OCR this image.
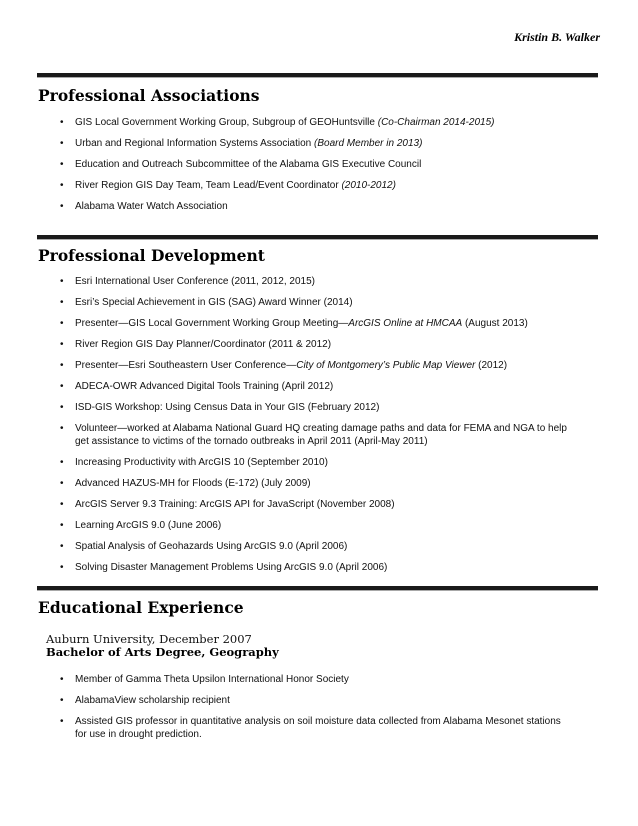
Kristin B. Walker
Professional Associations
• GIS Local Government Working Group, Subgroup of GEOHuntsville (Co-Chairman 2014-2015)
• Urban and Regional Information Systems Association (Board Member in 2013)
• Education and Outreach Subcommittee of the Alabama GIS Executive Council
• River Region GIS Day Team, Team Lead/Event Coordinator (2010-2012)
• Alabama Water Watch Association
Professional Development
• Esri International User Conference (2011, 2012, 2015)
• Esri’s Special Achievement in GIS (SAG) Award Winner (2014)
• Presenter—GIS Local Government Working Group Meeting—ArcGIS Online at HMCAA (August 2013)
• River Region GIS Day Planner/Coordinator (2011 & 2012)
• Presenter—Esri Southeastern User Conference—City of Montgomery’s Public Map Viewer (2012)
• ADECA-OWR Advanced Digital Tools Training (April 2012)
• ISD-GIS Workshop: Using Census Data in Your GIS (February 2012)
• Volunteer—worked at Alabama National Guard HQ creating damage paths and data for FEMA and NGA to help get assistance to victims of the tornado outbreaks in April 2011 (April-May 2011)
• Increasing Productivity with ArcGIS 10 (September 2010)
• Advanced HAZUS-MH for Floods (E-172) (July 2009)
• ArcGIS Server 9.3 Training: ArcGIS API for JavaScript (November 2008)
• Learning ArcGIS 9.0 (June 2006)
• Spatial Analysis of Geohazards Using ArcGIS 9.0 (April 2006)
• Solving Disaster Management Problems Using ArcGIS 9.0 (April 2006)
Educational Experience
Auburn University, December 2007
Bachelor of Arts Degree, Geography
• Member of Gamma Theta Upsilon International Honor Society
• AlabamaView scholarship recipient
• Assisted GIS professor in quantitative analysis on soil moisture data collected from Alabama Mesonet stations for use in drought prediction.
